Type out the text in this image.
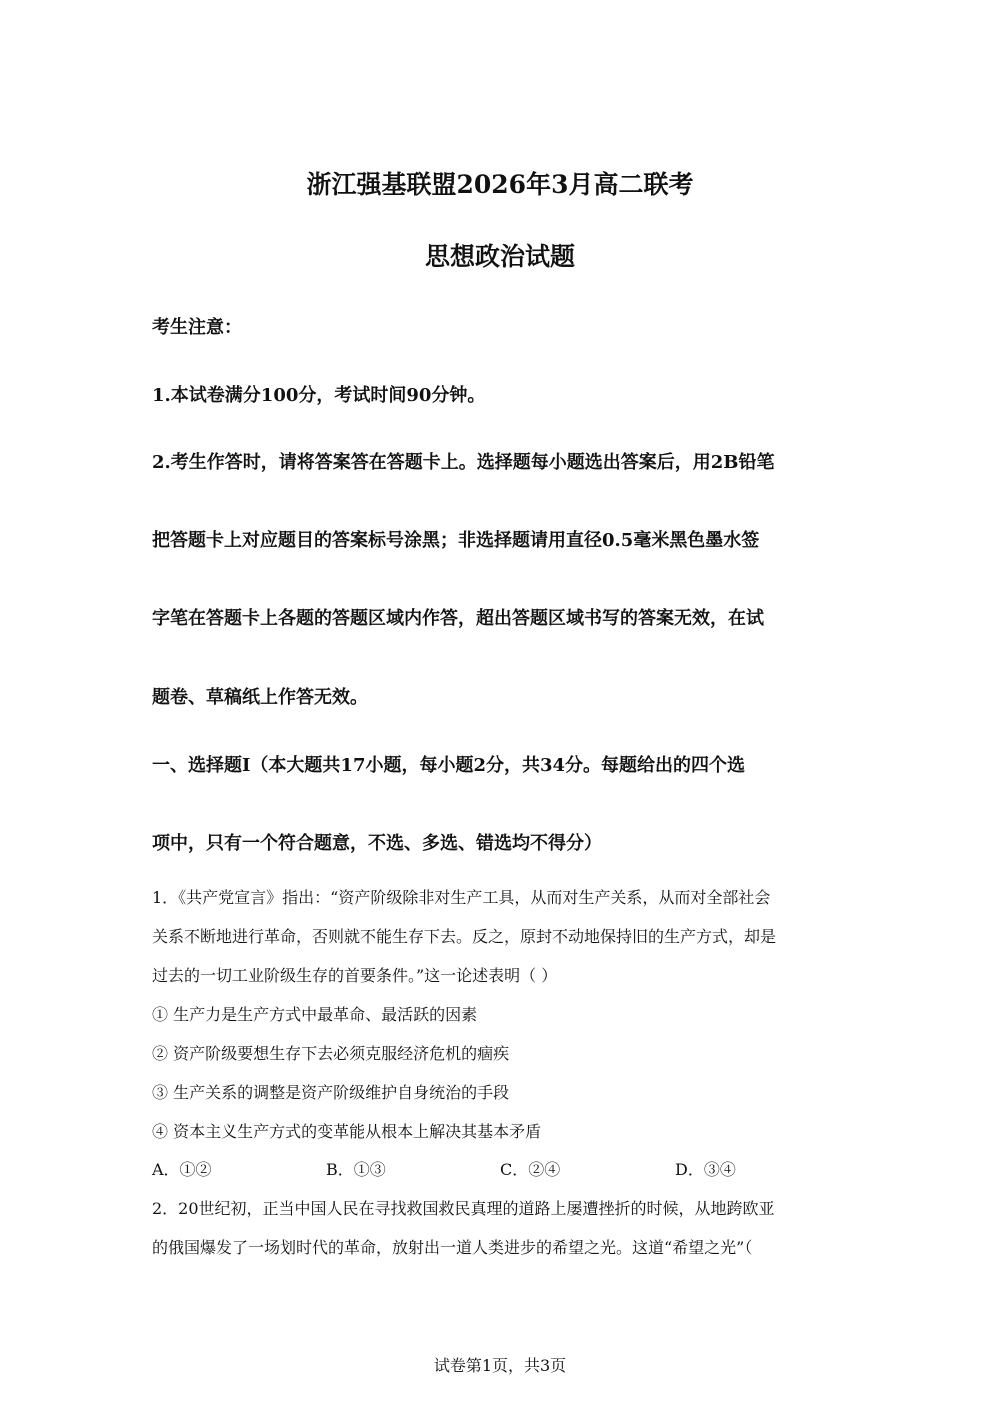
浙江强基联盟2026年3月高二联考
思想政治试题

考生注意：

1.本试卷满分100分，考试时间90分钟。

2.考生作答时，请将答案答在答题卡上。选择题每小题选出答案后，用2B铅笔

把答题卡上对应题目的答案标号涂黑；非选择题请用直径0.5毫米黑色墨水签

字笔在答题卡上各题的答题区域内作答，超出答题区域书写的答案无效，在试

题卷、草稿纸上作答无效。

一、选择题Ⅰ（本大题共17小题，每小题2分，共34分。每题给出的四个选

项中，只有一个符合题意，不选、多选、错选均不得分）

1．《共产党宣言》指出：“资产阶级除非对生产工具，从而对生产关系，从而对全部社会

关系不断地进行革命，否则就不能生存下去。反之，原封不动地保持旧的生产方式，却是

过去的一切工业阶级生存的首要条件。”这一论述表明（ ）

① 生产力是生产方式中最革命、最活跃的因素

② 资产阶级要想生存下去必须克服经济危机的痼疾

③ 生产关系的调整是资产阶级维护自身统治的手段

④ 资本主义生产方式的变革能从根本上解决其基本矛盾

A．①②	B．①③	C．②④	D．③④

2．20世纪初，正当中国人民在寻找救国救民真理的道路上屡遭挫折的时候，从地跨欧亚

的俄国爆发了一场划时代的革命，放射出一道人类进步的希望之光。这道“希望之光”（

试卷第1页，共3页
